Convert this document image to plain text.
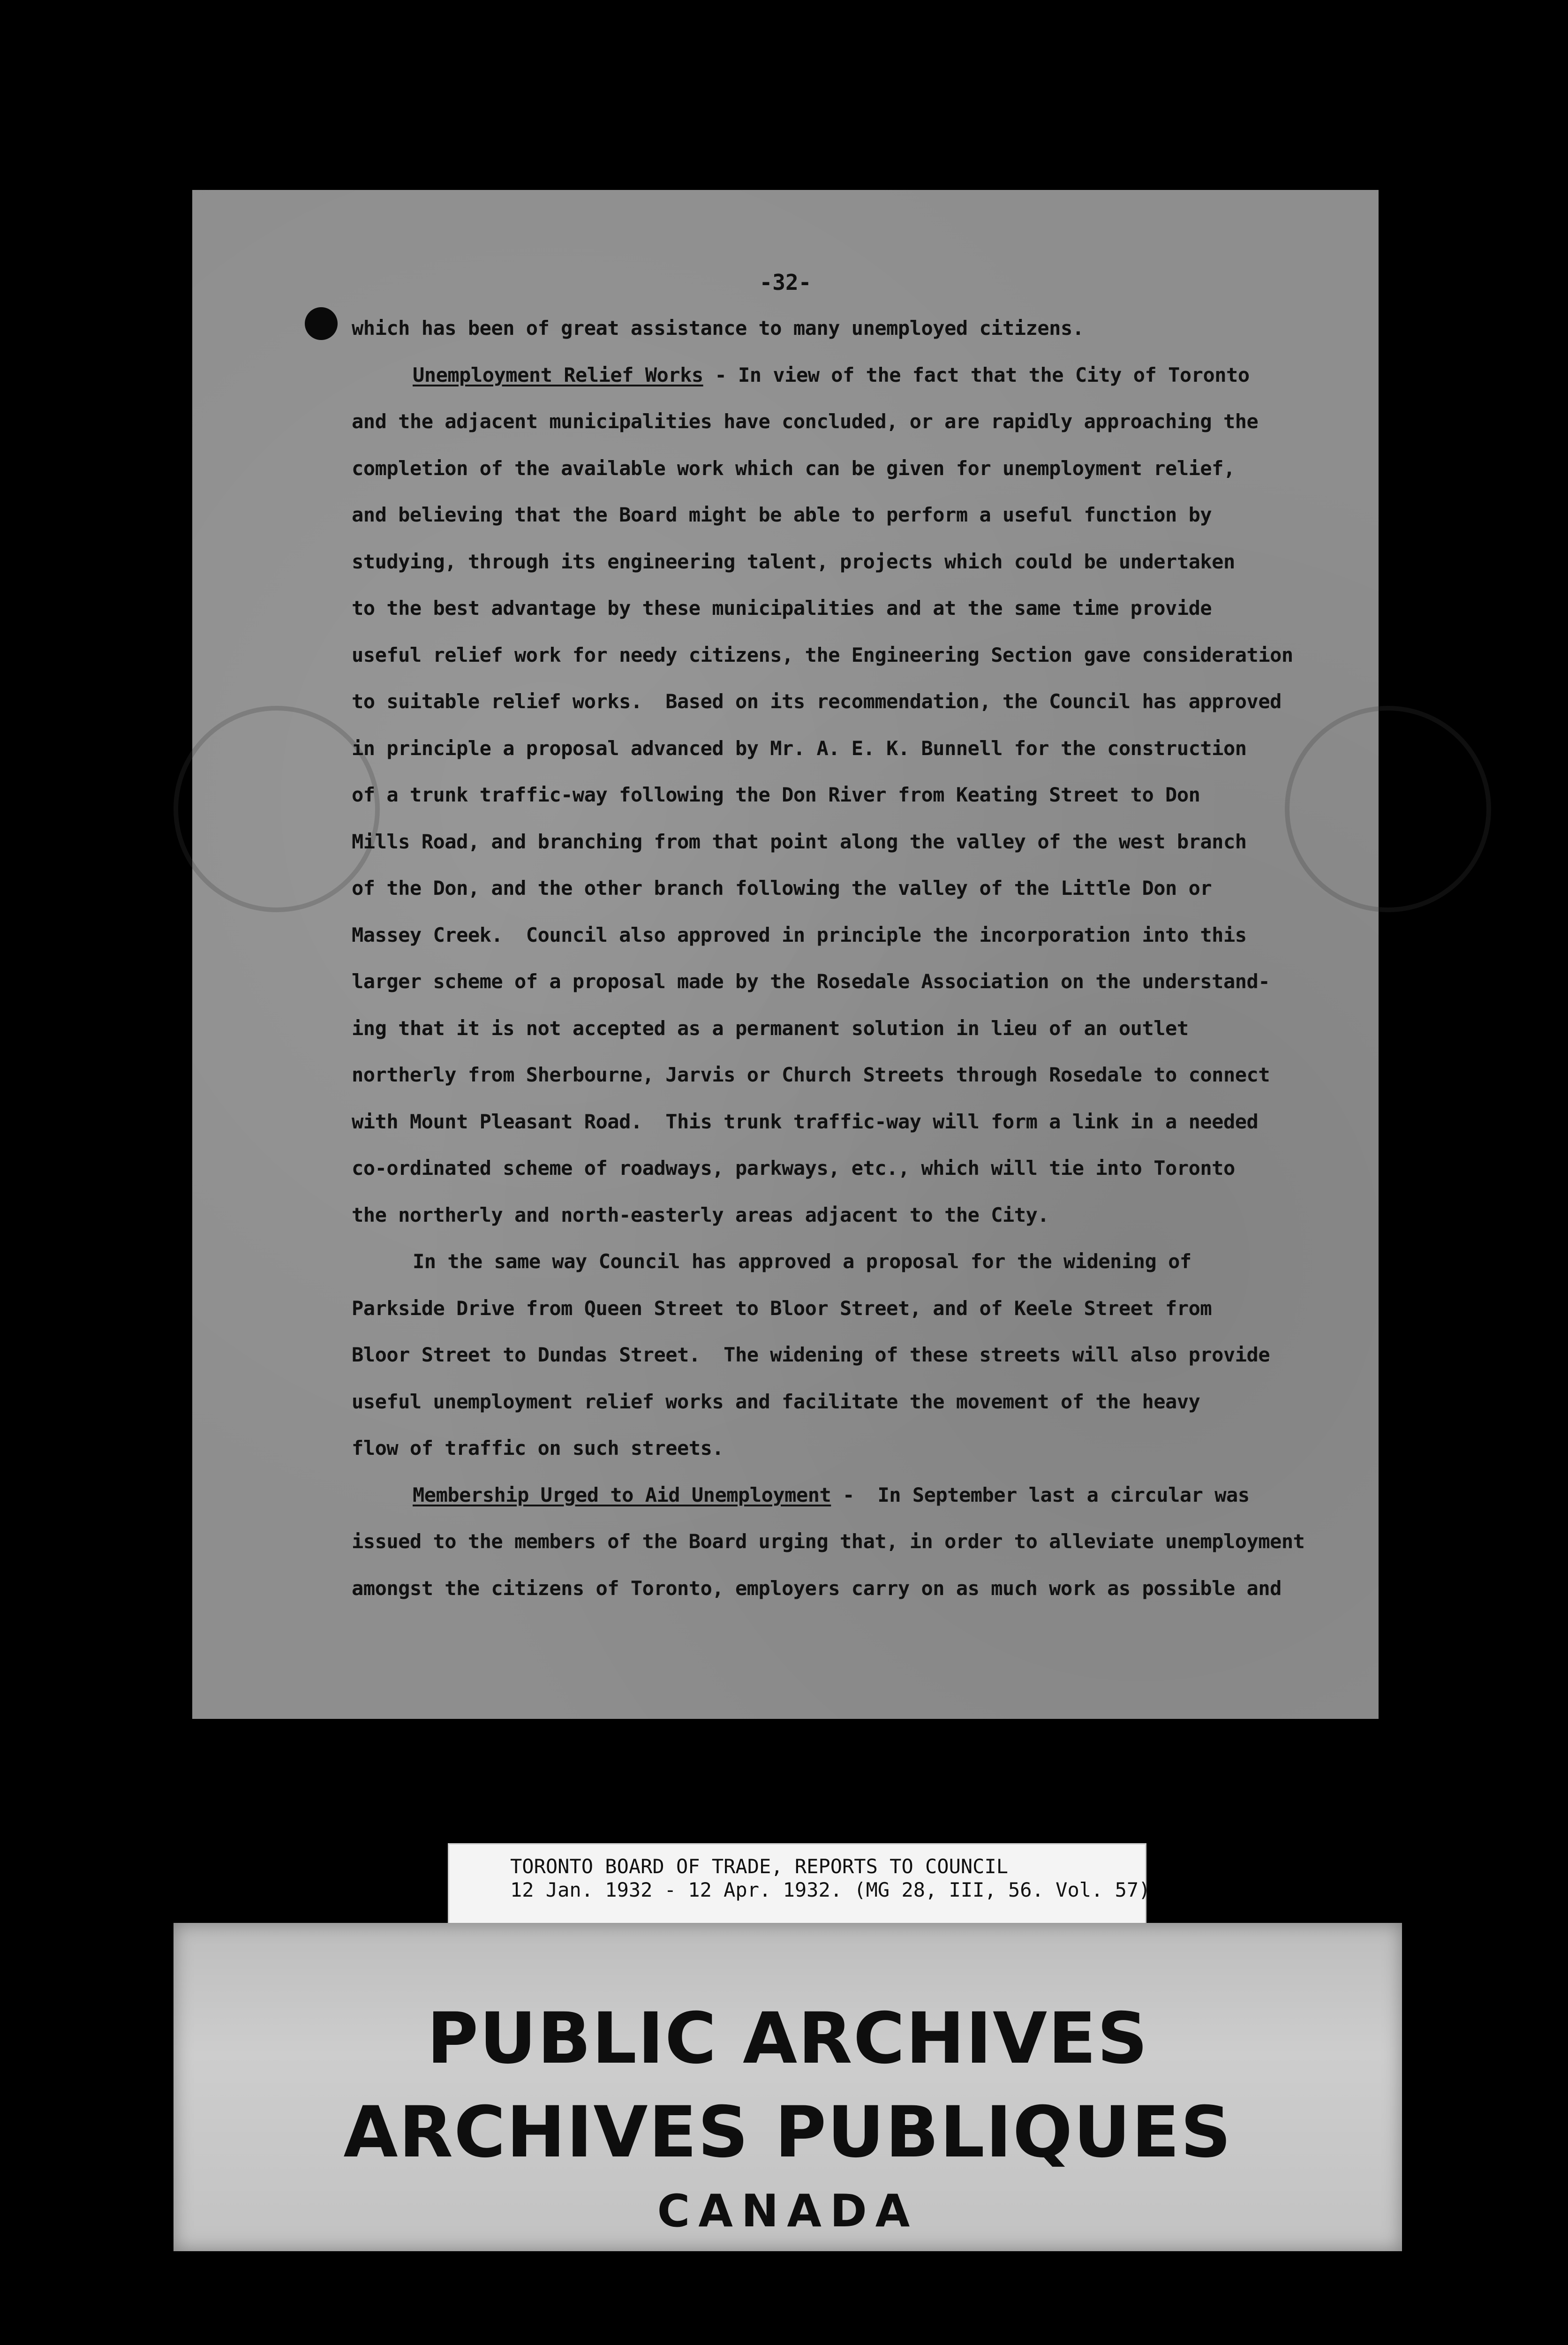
-32-
which has been of great assistance to many unemployed citizens.
Unemployment Relief Works - In view of the fact that the City of Toronto
and the adjacent municipalities have concluded, or are rapidly approaching the
completion of the available work which can be given for unemployment relief,
and believing that the Board might be able to perform a useful function by
studying, through its engineering talent, projects which could be undertaken
to the best advantage by these municipalities and at the same time provide
useful relief work for needy citizens, the Engineering Section gave consideration
to suitable relief works.  Based on its recommendation, the Council has approved
in principle a proposal advanced by Mr. A. E. K. Bunnell for the construction
of a trunk traffic-way following the Don River from Keating Street to Don
Mills Road, and branching from that point along the valley of the west branch
of the Don, and the other branch following the valley of the Little Don or
Massey Creek.  Council also approved in principle the incorporation into this
larger scheme of a proposal made by the Rosedale Association on the understand-
ing that it is not accepted as a permanent solution in lieu of an outlet
northerly from Sherbourne, Jarvis or Church Streets through Rosedale to connect
with Mount Pleasant Road.  This trunk traffic-way will form a link in a needed
co-ordinated scheme of roadways, parkways, etc., which will tie into Toronto
the northerly and north-easterly areas adjacent to the City.
In the same way Council has approved a proposal for the widening of
Parkside Drive from Queen Street to Bloor Street, and of Keele Street from
Bloor Street to Dundas Street.  The widening of these streets will also provide
useful unemployment relief works and facilitate the movement of the heavy
flow of traffic on such streets.
Membership Urged to Aid Unemployment -  In September last a circular was
issued to the members of the Board urging that, in order to alleviate unemployment
amongst the citizens of Toronto, employers carry on as much work as possible and
TORONTO BOARD OF TRADE, REPORTS TO COUNCIL
12 Jan. 1932 - 12 Apr. 1932. (MG 28, III, 56. Vol. 57)
PUBLIC ARCHIVES
ARCHIVES PUBLIQUES
CANADA
